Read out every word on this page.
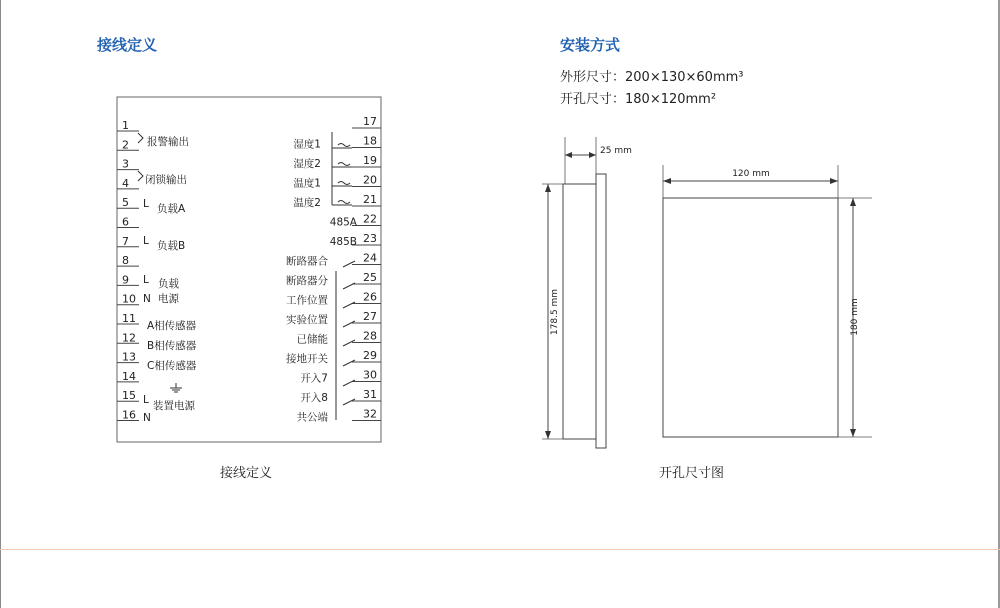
接线定义	安装方式
外形尺寸：200×130×60mm³
开孔尺寸：180×120mm²
接线定义	开孔尺寸图
1
2
3
4
5
6
7
8
9
10
11
12
13
14
15
16
17
18
湿度1
19
湿度2
20
温度1
21
温度2
22
485A
23
485B
24
断路器合
25
断路器分
26
工作位置
27
实验位置
28
已储能
29
接地开关
30
开入7
31
开入8
32
共公端
报警输出
闭锁输出
L 负载A
L 负载B
L
N
负载
电源
A相传感器
B相传感器
C相传感器
L
N
装置电源
25 mm
178.5 mm
120 mm
180 mm
